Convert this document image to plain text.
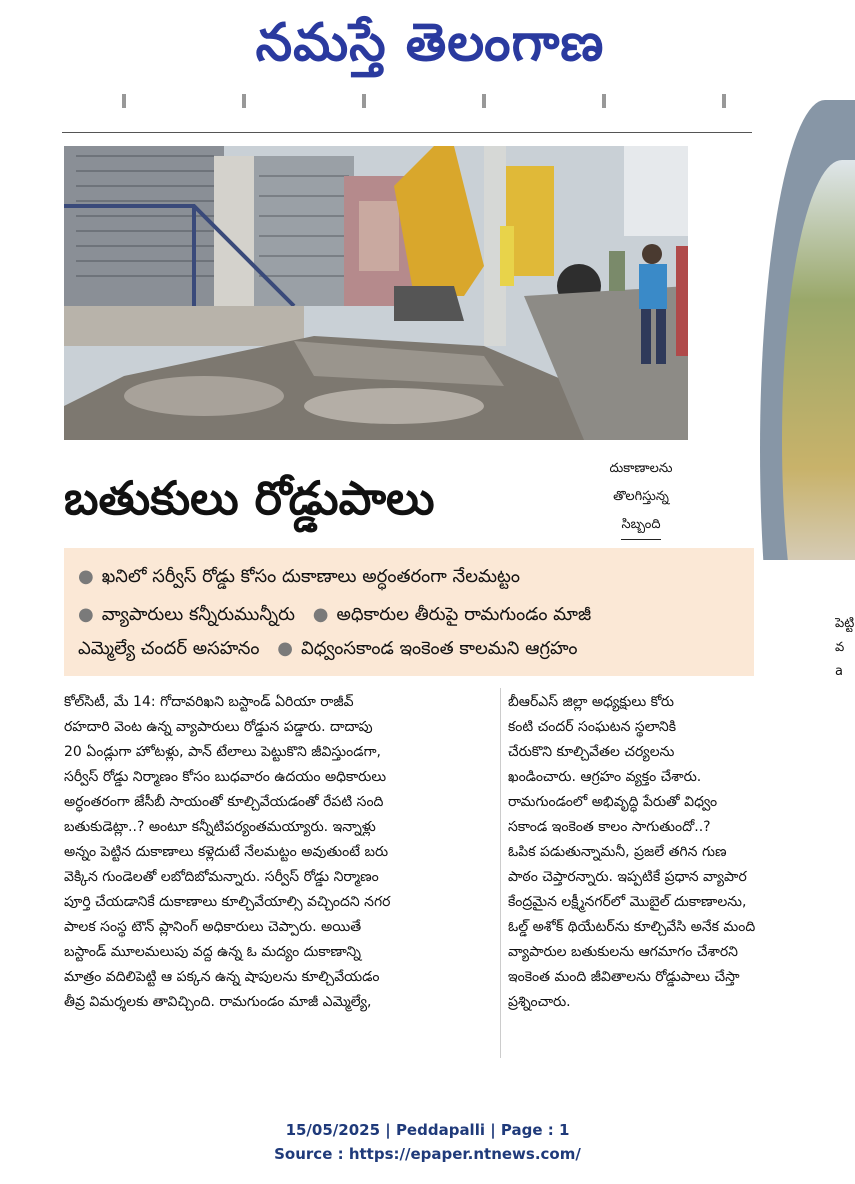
నమస్తే తెలంగాణ
బతుకులు రోడ్డుపాలు
దుకాణాలను
తొలగిస్తున్న
సిబ్బంది
● ఖనిలో సర్వీస్ రోడ్డు కోసం దుకాణాలు అర్ధంతరంగా నేలమట్టం
● వ్యాపారులు కన్నీరుమున్నీరు ● అధికారుల తీరుపై రామగుండం మాజీ
ఎమ్మెల్యే చందర్ అసహనం ● విధ్వంసకాండ ఇంకెంత కాలమని ఆగ్రహం
పెట్టి
వ
a
కోల్‌సిటీ, మే 14: గోదావరిఖని బస్టాండ్ ఏరియా రాజీవ్
రహదారి వెంట ఉన్న వ్యాపారులు రోడ్డున పడ్డారు. దాదాపు
20 ఏండ్లుగా హోటళ్లు, పాన్ టేలాలు పెట్టుకొని జీవిస్తుండగా,
సర్వీస్ రోడ్డు నిర్మాణం కోసం బుధవారం ఉదయం అధికారులు
అర్ధంతరంగా జేసీబీ సాయంతో కూల్చివేయడంతో రేపటి సంది
బతుకుడెట్లా..? అంటూ కన్నీటిపర్యంతమయ్యారు. ఇన్నాళ్లు
అన్నం పెట్టిన దుకాణాలు కళ్లెదుటే నేలమట్టం అవుతుంటే బరు
వెక్కిన గుండెలతో లబోదిబోమన్నారు. సర్వీస్ రోడ్డు నిర్మాణం
పూర్తి చేయడానికే దుకాణాలు కూల్చివేయాల్సి వచ్చిందని నగర
పాలక సంస్థ టౌన్ ప్లానింగ్ అధికారులు చెప్పారు. అయితే
బస్టాండ్ మూలమలుపు వద్ద ఉన్న ఓ మద్యం దుకాణాన్ని
మాత్రం వదిలిపెట్టి ఆ పక్కన ఉన్న షాపులను కూల్చివేయడం
తీవ్ర విమర్శలకు తావిచ్చింది. రామగుండం మాజీ ఎమ్మెల్యే,
బీఆర్‌ఎస్ జిల్లా అధ్యక్షులు కోరు
కంటి చందర్ సంఘటన స్థలానికి
చేరుకొని కూల్చివేతల చర్యలను
ఖండించారు. ఆగ్రహం వ్యక్తం చేశారు.
రామగుండంలో అభివృద్ధి పేరుతో విధ్వం
సకాండ ఇంకెంత కాలం సాగుతుందో..?
ఓపిక పడుతున్నామనీ, ప్రజలే తగిన గుణ
పాఠం చెప్తారన్నారు. ఇప్పటికే ప్రధాన వ్యాపార
కేంద్రమైన లక్ష్మీనగర్‌లో మొబైల్ దుకాణాలను,
ఓల్డ్ అశోక్ థియేటర్‌ను కూల్చివేసి అనేక మంది
వ్యాపారుల బతుకులను ఆగమాగం చేశారని
ఇంకెంత మంది జీవితాలను రోడ్డుపాలు చేస్తా
ప్రశ్నించారు.
15/05/2025 | Peddapalli | Page : 1
Source : https://epaper.ntnews.com/
